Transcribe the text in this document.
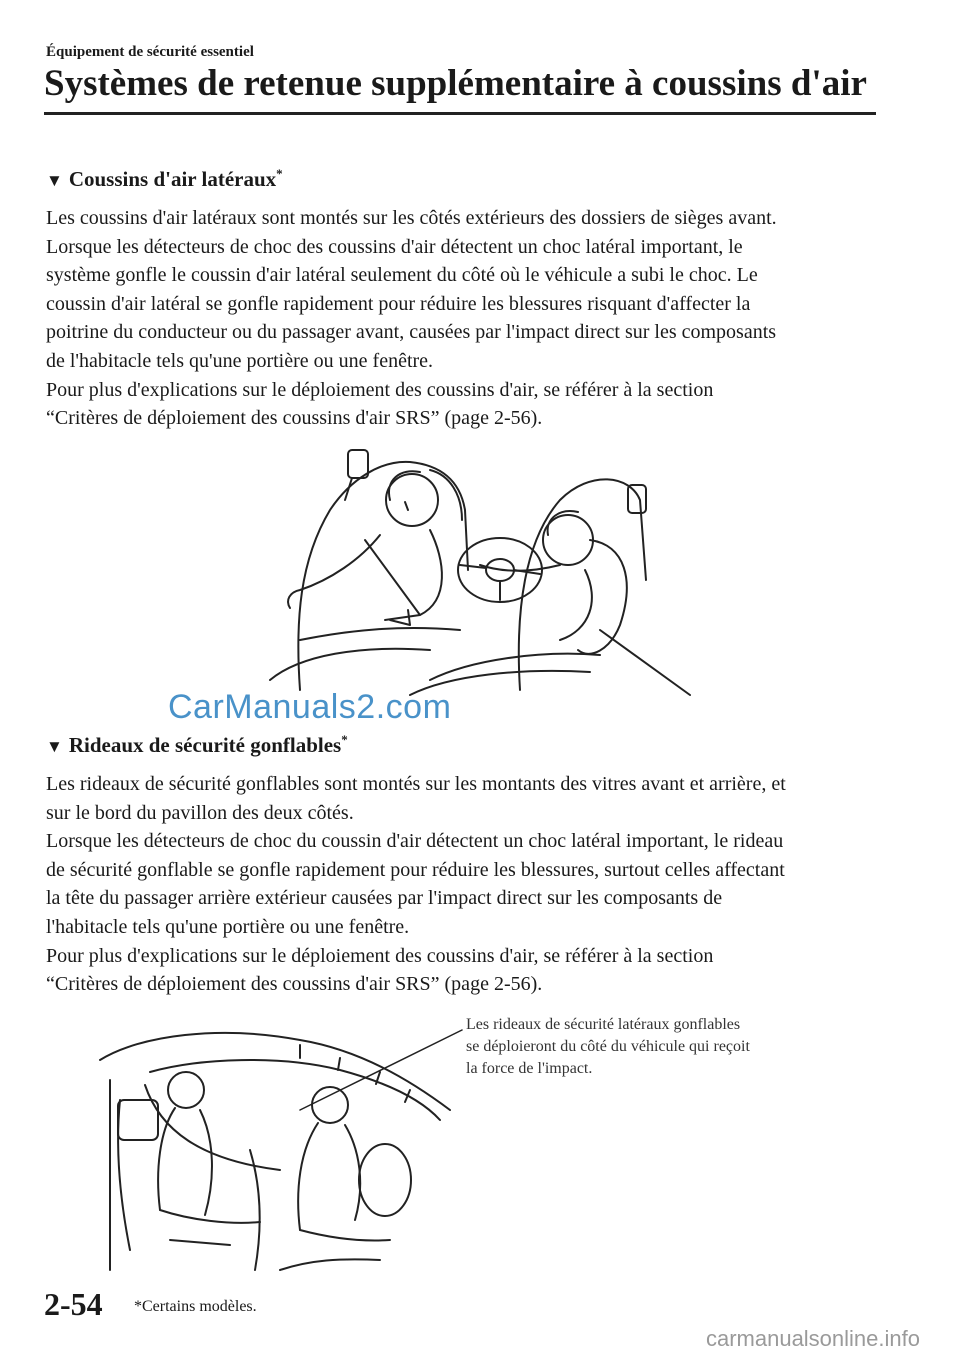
Équipement de sécurité essentiel
Systèmes de retenue supplémentaire à coussins d'air
▼ Coussins d'air latéraux*
Les coussins d'air latéraux sont montés sur les côtés extérieurs des dossiers de sièges avant.
Lorsque les détecteurs de choc des coussins d'air détectent un choc latéral important, le
système gonfle le coussin d'air latéral seulement du côté où le véhicule a subi le choc. Le
coussin d'air latéral se gonfle rapidement pour réduire les blessures risquant d'affecter la
poitrine du conducteur ou du passager avant, causées par l'impact direct sur les composants
de l'habitacle tels qu'une portière ou une fenêtre.
Pour plus d'explications sur le déploiement des coussins d'air, se référer à la section
“Critères de déploiement des coussins d'air SRS” (page 2-56).
CarManuals2.com
▼ Rideaux de sécurité gonflables*
Les rideaux de sécurité gonflables sont montés sur les montants des vitres avant et arrière, et
sur le bord du pavillon des deux côtés.
Lorsque les détecteurs de choc du coussin d'air détectent un choc latéral important, le rideau
de sécurité gonflable se gonfle rapidement pour réduire les blessures, surtout celles affectant
la tête du passager arrière extérieur causées par l'impact direct sur les composants de
l'habitacle tels qu'une portière ou une fenêtre.
Pour plus d'explications sur le déploiement des coussins d'air, se référer à la section
“Critères de déploiement des coussins d'air SRS” (page 2-56).
Les rideaux de sécurité latéraux gonflables
se déploieront du côté du véhicule qui reçoit
la force de l'impact.
2-54 *Certains modèles.
carmanualsonline.info
